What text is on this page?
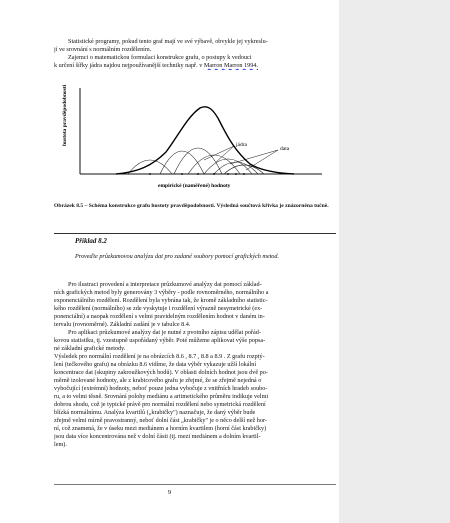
Statistické programy, pokud tento graf mají ve své výbavě, obvykle jej vykreslu-
jí ve srovnání s normálním rozdělením.
Zajemci o matematickou formulaci konstrukce grafu, o postupy k vedouci
k určení šířky jádra najdou nejpoužívanější techniky např. v Marron Marron 1994.
hustota pravděpodobnosti
empirické (naměřené) hodnoty
jádra
data
Obrázek 8.5 – Schéma konstrukce grafu hustoty pravděpodobnosti. Výsledná součtová křivka je znázorněna tučně.
Příklad 8.2
Proveďte průzkumovou analýzu dat pro zadané soubory pomocí grafických metod.
Pro ilustraci provedení a interpretace průzkumové analýzy dat pomocí základ-
ních grafických metod byly generovány 3 výběry - podle rovnoměrného, normálního a
exponenciálního rozdělení. Rozdělení byla vybrána tak, že kromě základního statistic-
kého rozdělení (normálního) se zde vyskytuje i rozdělení výrazně nesymetrické (ex-
ponenciální) a naopak rozdělení s velmi pravidelným rozdělením hodnot v daném in-
tervalu (rovnoměrné). Základní zadání je v tabulce 8.4.
Pro aplikaci průzkumové analýzy dat je nutné z pvotního zápisu udělat pořád-
kovou statistiku, tj. vzestupně uspořádaný výběr. Poté můžeme aplikovat výše popsa-
né základní grafické metody.
Výsledek pro normální rozdělení je na obrázcích 8.6 , 8.7 , 8.8 a 8.9 . Z grafu rozptý-
lení (tečkového grafu) na obrázku 8.6 vidíme, že data výběr vykazuje užší lokální
koncentrace dat (skupiny zakroužkových bodů). V oblasti dolních hodnot jsou dvě po-
měrně izolované hodnoty, ale z krabicového grafu je zřejmé, že se zřejmě nejedná o
vybočující (extrémní) hodnoty, neboť pouze jedna vybočuje z vnitřních hradeb soubo-
ru, a to velmi těsně. Srovnání polohy mediánu a aritmetického průměru indikuje velmi
dobrou shodu, což je typické právě pro normální rozdělení nebo symetrická rozdělení
blízká normálnímu. Analýza kvartilů („krabičky") naznačuje, že daný výběr bude
zřejmě velmi mírně pravostranný, neboť dolní část „krabičky" je o něco delší než hor-
ní, což znamená, že v úseku mezi mediánem a horním kvartilem (horní část krabičky)
jsou data více koncentrována než v dolní části (tj. mezi mediánem a dolním kvartil-
lem).
9
